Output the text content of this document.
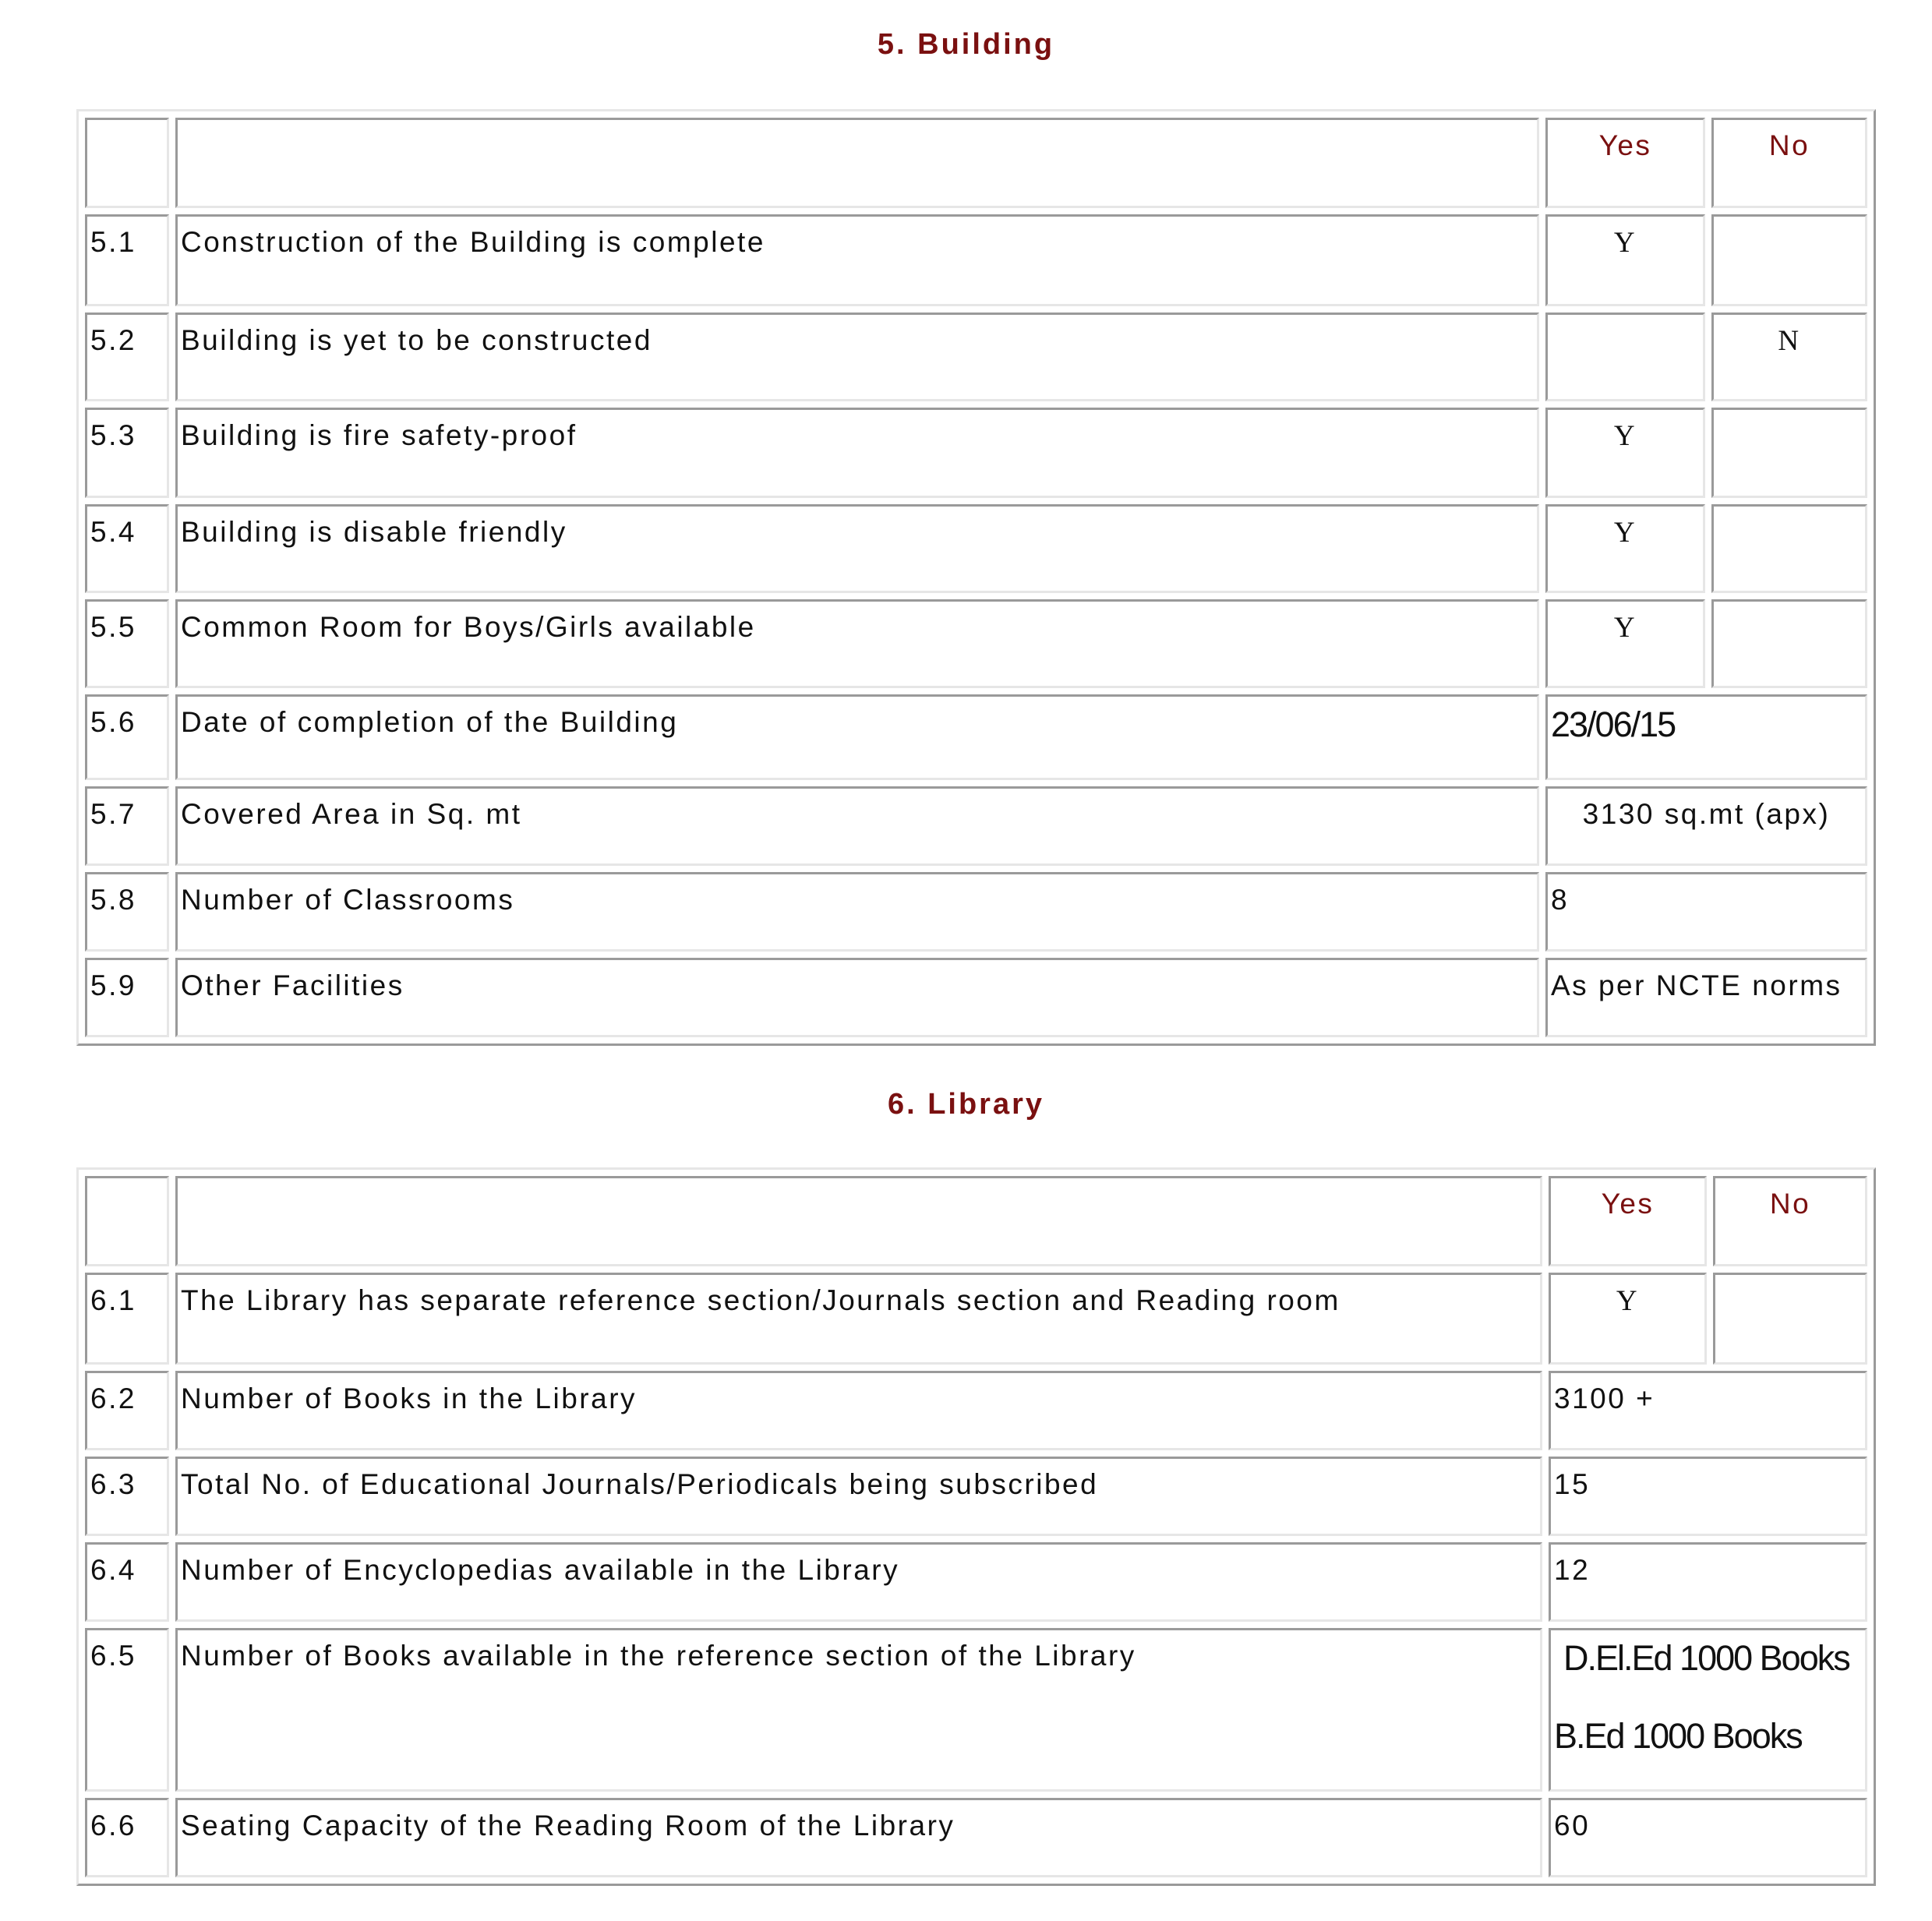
5. Building
		Yes	No
5.1	Construction of the Building is complete	Y	
5.2	Building is yet to be constructed		N
5.3	Building is fire safety-proof	Y	
5.4	Building is disable friendly	Y	
5.5	Common Room for Boys/Girls available	Y	
5.6	Date of completion of the Building	23/06/15	
5.7	Covered Area in Sq. mt	3130 sq.mt (apx)	
5.8	Number of Classrooms	8	
5.9	Other Facilities	As per NCTE norms	
6. Library
		Yes	No
6.1	The Library has separate reference section/Journals section and Reading room	Y	
6.2	Number of Books in the Library	3100 +	
6.3	Total No. of Educational Journals/Periodicals being subscribed	15	
6.4	Number of Encyclopedias available in the Library	12	
6.5	Number of Books available in the reference section of the Library	D.El.Ed 1000 Books
B.Ed 1000 Books	

6.6	Seating Capacity of the Reading Room of the Library	60	
